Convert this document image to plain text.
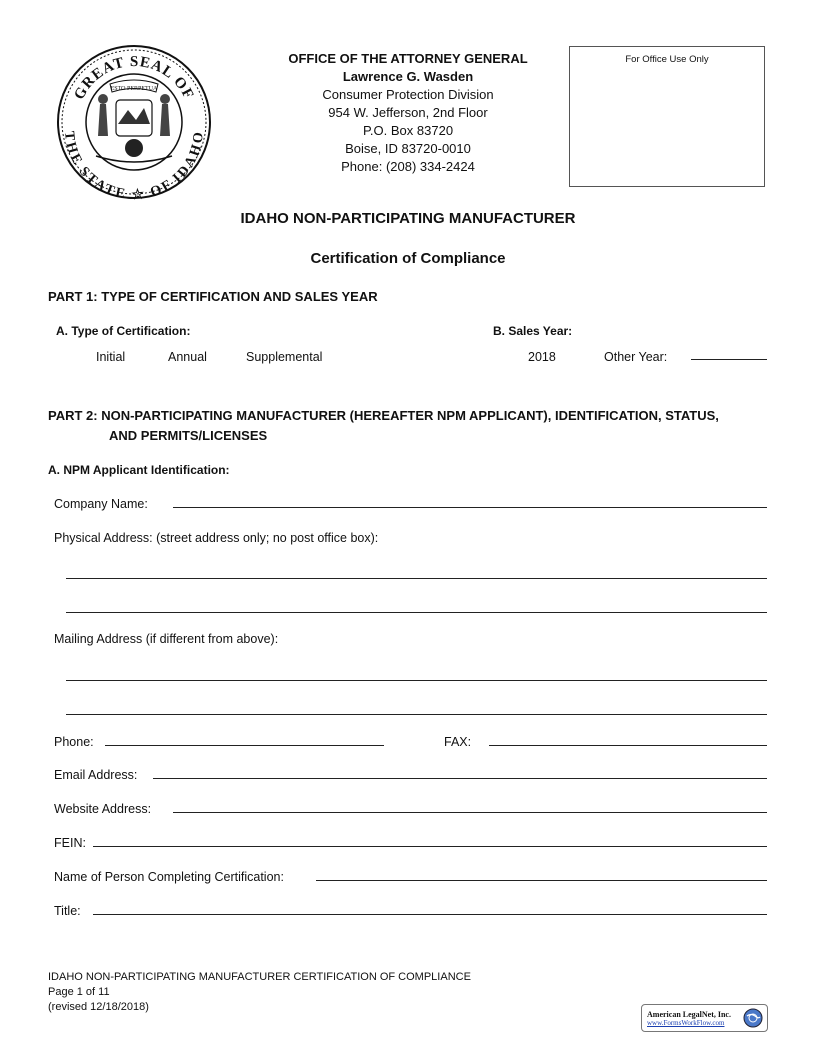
GREAT SEAL OF
THE STATE ☆ OF IDAHO
ESTO PERPETUA
OFFICE OF THE ATTORNEY GENERAL
Lawrence G. Wasden
Consumer Protection Division
954 W. Jefferson, 2nd Floor
P.O. Box 83720
Boise, ID 83720-0010
Phone: (208) 334-2424
For Office Use Only
IDAHO NON-PARTICIPATING MANUFACTURER
Certification of Compliance
PART 1: TYPE OF CERTIFICATION AND SALES YEAR
A. Type of Certification:
Initial	Annual	Supplemental
B. Sales Year:
2018	Other Year:
PART 2: NON-PARTICIPATING MANUFACTURER (HEREAFTER NPM APPLICANT), IDENTIFICATION, STATUS,
AND PERMITS/LICENSES
A. NPM Applicant Identification:
Company Name:
Physical Address: (street address only; no post office box):
Mailing Address (if different from above):
Phone:	FAX:
Email Address:
Website Address:
FEIN:
Name of Person Completing Certification:
Title:
IDAHO NON-PARTICIPATING MANUFACTURER CERTIFICATION OF COMPLIANCE
Page 1 of 11
(revised 12/18/2018)
American LegalNet, Inc.
www.FormsWorkFlow.com
